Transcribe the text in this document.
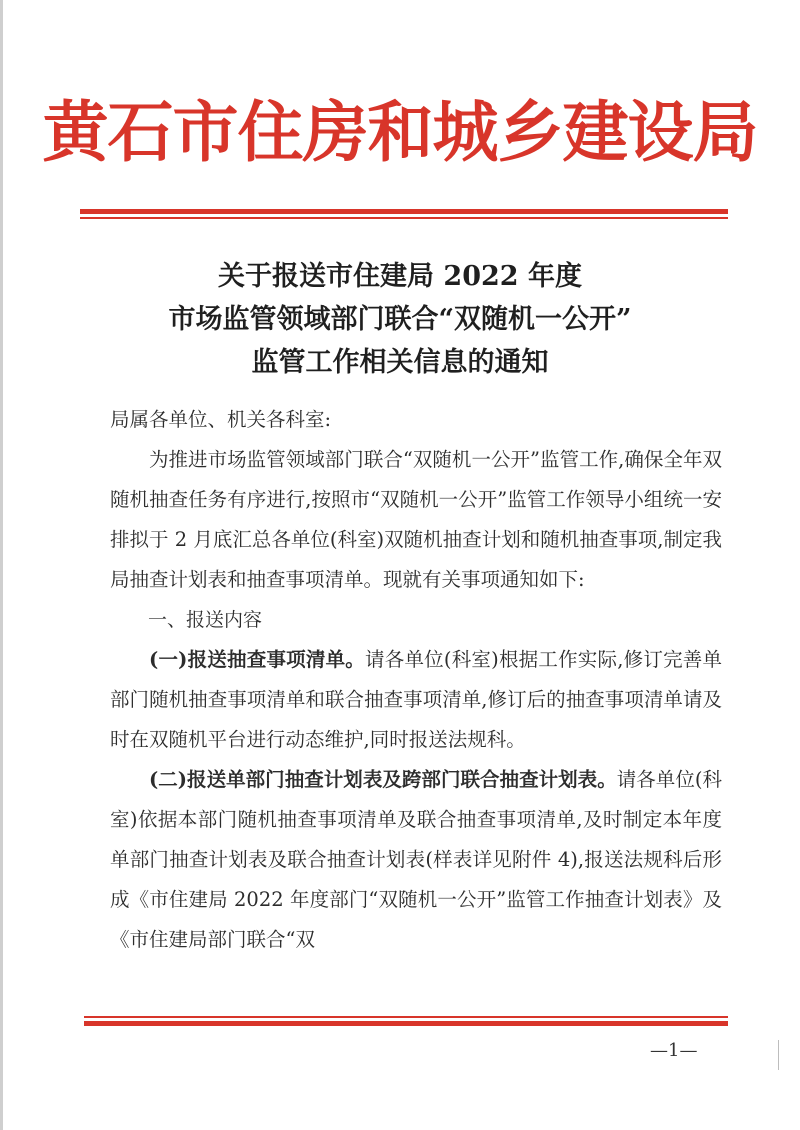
黄石市住房和城乡建设局
关于报送市住建局 2022 年度
市场监管领域部门联合“双随机一公开”
监管工作相关信息的通知

局属各单位、机关各科室:

为推进市场监管领域部门联合“双随机一公开”监管工作,确保全年双随机抽查任务有序进行,按照市“双随机一公开”监管工作领导小组统一安排拟于 2 月底汇总各单位(科室)双随机抽查计划和随机抽查事项,制定我局抽查计划表和抽查事项清单。现就有关事项通知如下:

一、报送内容

(一)报送抽查事项清单。请各单位(科室)根据工作实际,修订完善单部门随机抽查事项清单和联合抽查事项清单,修订后的抽查事项清单请及时在双随机平台进行动态维护,同时报送法规科。

(二)报送单部门抽查计划表及跨部门联合抽查计划表。请各单位(科室)依据本部门随机抽查事项清单及联合抽查事项清单,及时制定本年度单部门抽查计划表及联合抽查计划表(样表详见附件 4),报送法规科后形成《市住建局 2022 年度部门“双随机一公开”监管工作抽查计划表》及《市住建局部门联合“双

—1—
